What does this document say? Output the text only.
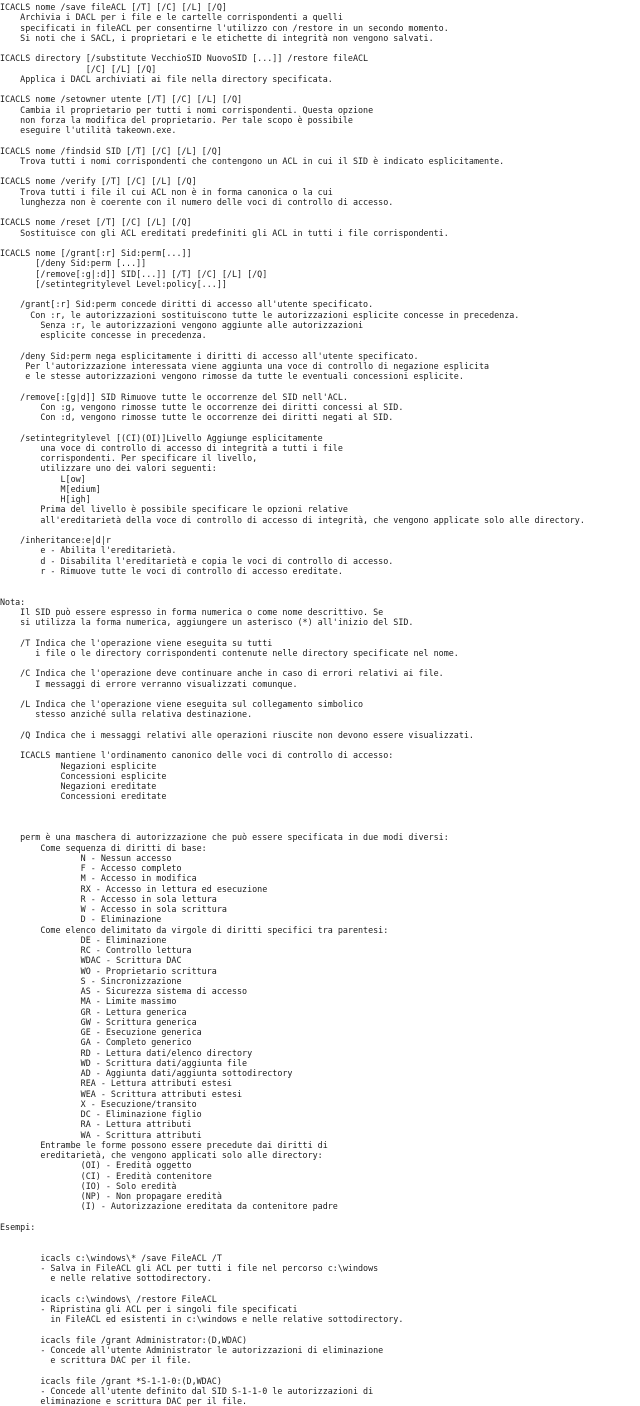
ICACLS nome /save fileACL [/T] [/C] [/L] [/Q]
Archivia i DACL per i file e le cartelle corrispondenti a quelli
specificati in fileACL per consentirne l'utilizzo con /restore in un secondo momento.
Si noti che i SACL, i proprietari e le etichette di integrità non vengono salvati.
ICACLS directory [/substitute VecchioSID NuovoSID [...]] /restore fileACL
[/C] [/L] [/Q]
Applica i DACL archiviati ai file nella directory specificata.
ICACLS nome /setowner utente [/T] [/C] [/L] [/Q]
Cambia il proprietario per tutti i nomi corrispondenti. Questa opzione
non forza la modifica del proprietario. Per tale scopo è possibile
eseguire l'utilità takeown.exe.
ICACLS nome /findsid SID [/T] [/C] [/L] [/Q]
Trova tutti i nomi corrispondenti che contengono un ACL in cui il SID è indicato esplicitamente.
ICACLS nome /verify [/T] [/C] [/L] [/Q]
Trova tutti i file il cui ACL non è in forma canonica o la cui
lunghezza non è coerente con il numero delle voci di controllo di accesso.
ICACLS nome /reset [/T] [/C] [/L] [/Q]
Sostituisce con gli ACL ereditati predefiniti gli ACL in tutti i file corrispondenti.
ICACLS nome [/grant[:r] Sid:perm[...]]
[/deny Sid:perm [...]]
[/remove[:g|:d]] SID[...]] [/T] [/C] [/L] [/Q]
[/setintegritylevel Level:policy[...]]
/grant[:r] Sid:perm concede diritti di accesso all'utente specificato.
Con :r, le autorizzazioni sostituiscono tutte le autorizzazioni esplicite concesse in precedenza.
Senza :r, le autorizzazioni vengono aggiunte alle autorizzazioni
esplicite concesse in precedenza.
/deny Sid:perm nega esplicitamente i diritti di accesso all'utente specificato.
Per l'autorizzazione interessata viene aggiunta una voce di controllo di negazione esplicita
e le stesse autorizzazioni vengono rimosse da tutte le eventuali concessioni esplicite.
/remove[:[g|d]] SID Rimuove tutte le occorrenze del SID nell'ACL.
Con :g, vengono rimosse tutte le occorrenze dei diritti concessi al SID.
Con :d, vengono rimosse tutte le occorrenze dei diritti negati al SID.
/setintegritylevel [(CI)(OI)]Livello Aggiunge esplicitamente
una voce di controllo di accesso di integrità a tutti i file
corrispondenti. Per specificare il livello,
utilizzare uno dei valori seguenti:
L[ow]
M[edium]
H[igh]
Prima del livello è possibile specificare le opzioni relative
all'ereditarietà della voce di controllo di accesso di integrità, che vengono applicate solo alle directory.
/inheritance:e|d|r
e - Abilita l'ereditarietà.
d - Disabilita l'ereditarietà e copia le voci di controllo di accesso.
r - Rimuove tutte le voci di controllo di accesso ereditate.
Nota:
Il SID può essere espresso in forma numerica o come nome descrittivo. Se
si utilizza la forma numerica, aggiungere un asterisco (*) all'inizio del SID.
/T Indica che l'operazione viene eseguita su tutti
i file o le directory corrispondenti contenute nelle directory specificate nel nome.
/C Indica che l'operazione deve continuare anche in caso di errori relativi ai file.
I messaggi di errore verranno visualizzati comunque.
/L Indica che l'operazione viene eseguita sul collegamento simbolico
stesso anziché sulla relativa destinazione.
/Q Indica che i messaggi relativi alle operazioni riuscite non devono essere visualizzati.
ICACLS mantiene l'ordinamento canonico delle voci di controllo di accesso:
Negazioni esplicite
Concessioni esplicite
Negazioni ereditate
Concessioni ereditate
perm è una maschera di autorizzazione che può essere specificata in due modi diversi:
Come sequenza di diritti di base:
N - Nessun accesso
F - Accesso completo
M - Accesso in modifica
RX - Accesso in lettura ed esecuzione
R - Accesso in sola lettura
W - Accesso in sola scrittura
D - Eliminazione
Come elenco delimitato da virgole di diritti specifici tra parentesi:
DE - Eliminazione
RC - Controllo lettura
WDAC - Scrittura DAC
WO - Proprietario scrittura
S - Sincronizzazione
AS - Sicurezza sistema di accesso
MA - Limite massimo
GR - Lettura generica
GW - Scrittura generica
GE - Esecuzione generica
GA - Completo generico
RD - Lettura dati/elenco directory
WD - Scrittura dati/aggiunta file
AD - Aggiunta dati/aggiunta sottodirectory
REA - Lettura attributi estesi
WEA - Scrittura attributi estesi
X - Esecuzione/transito
DC - Eliminazione figlio
RA - Lettura attributi
WA - Scrittura attributi
Entrambe le forme possono essere precedute dai diritti di
ereditarietà, che vengono applicati solo alle directory:
(OI) - Eredità oggetto
(CI) - Eredità contenitore
(IO) - Solo eredità
(NP) - Non propagare eredità
(I) - Autorizzazione ereditata da contenitore padre
Esempi:
icacls c:\windows\* /save FileACL /T
- Salva in FileACL gli ACL per tutti i file nel percorso c:\windows
e nelle relative sottodirectory.
icacls c:\windows\ /restore FileACL
- Ripristina gli ACL per i singoli file specificati
in FileACL ed esistenti in c:\windows e nelle relative sottodirectory.
icacls file /grant Administrator:(D,WDAC)
- Concede all'utente Administrator le autorizzazioni di eliminazione
e scrittura DAC per il file.
icacls file /grant *S-1-1-0:(D,WDAC)
- Concede all'utente definito dal SID S-1-1-0 le autorizzazioni di
eliminazione e scrittura DAC per il file.
